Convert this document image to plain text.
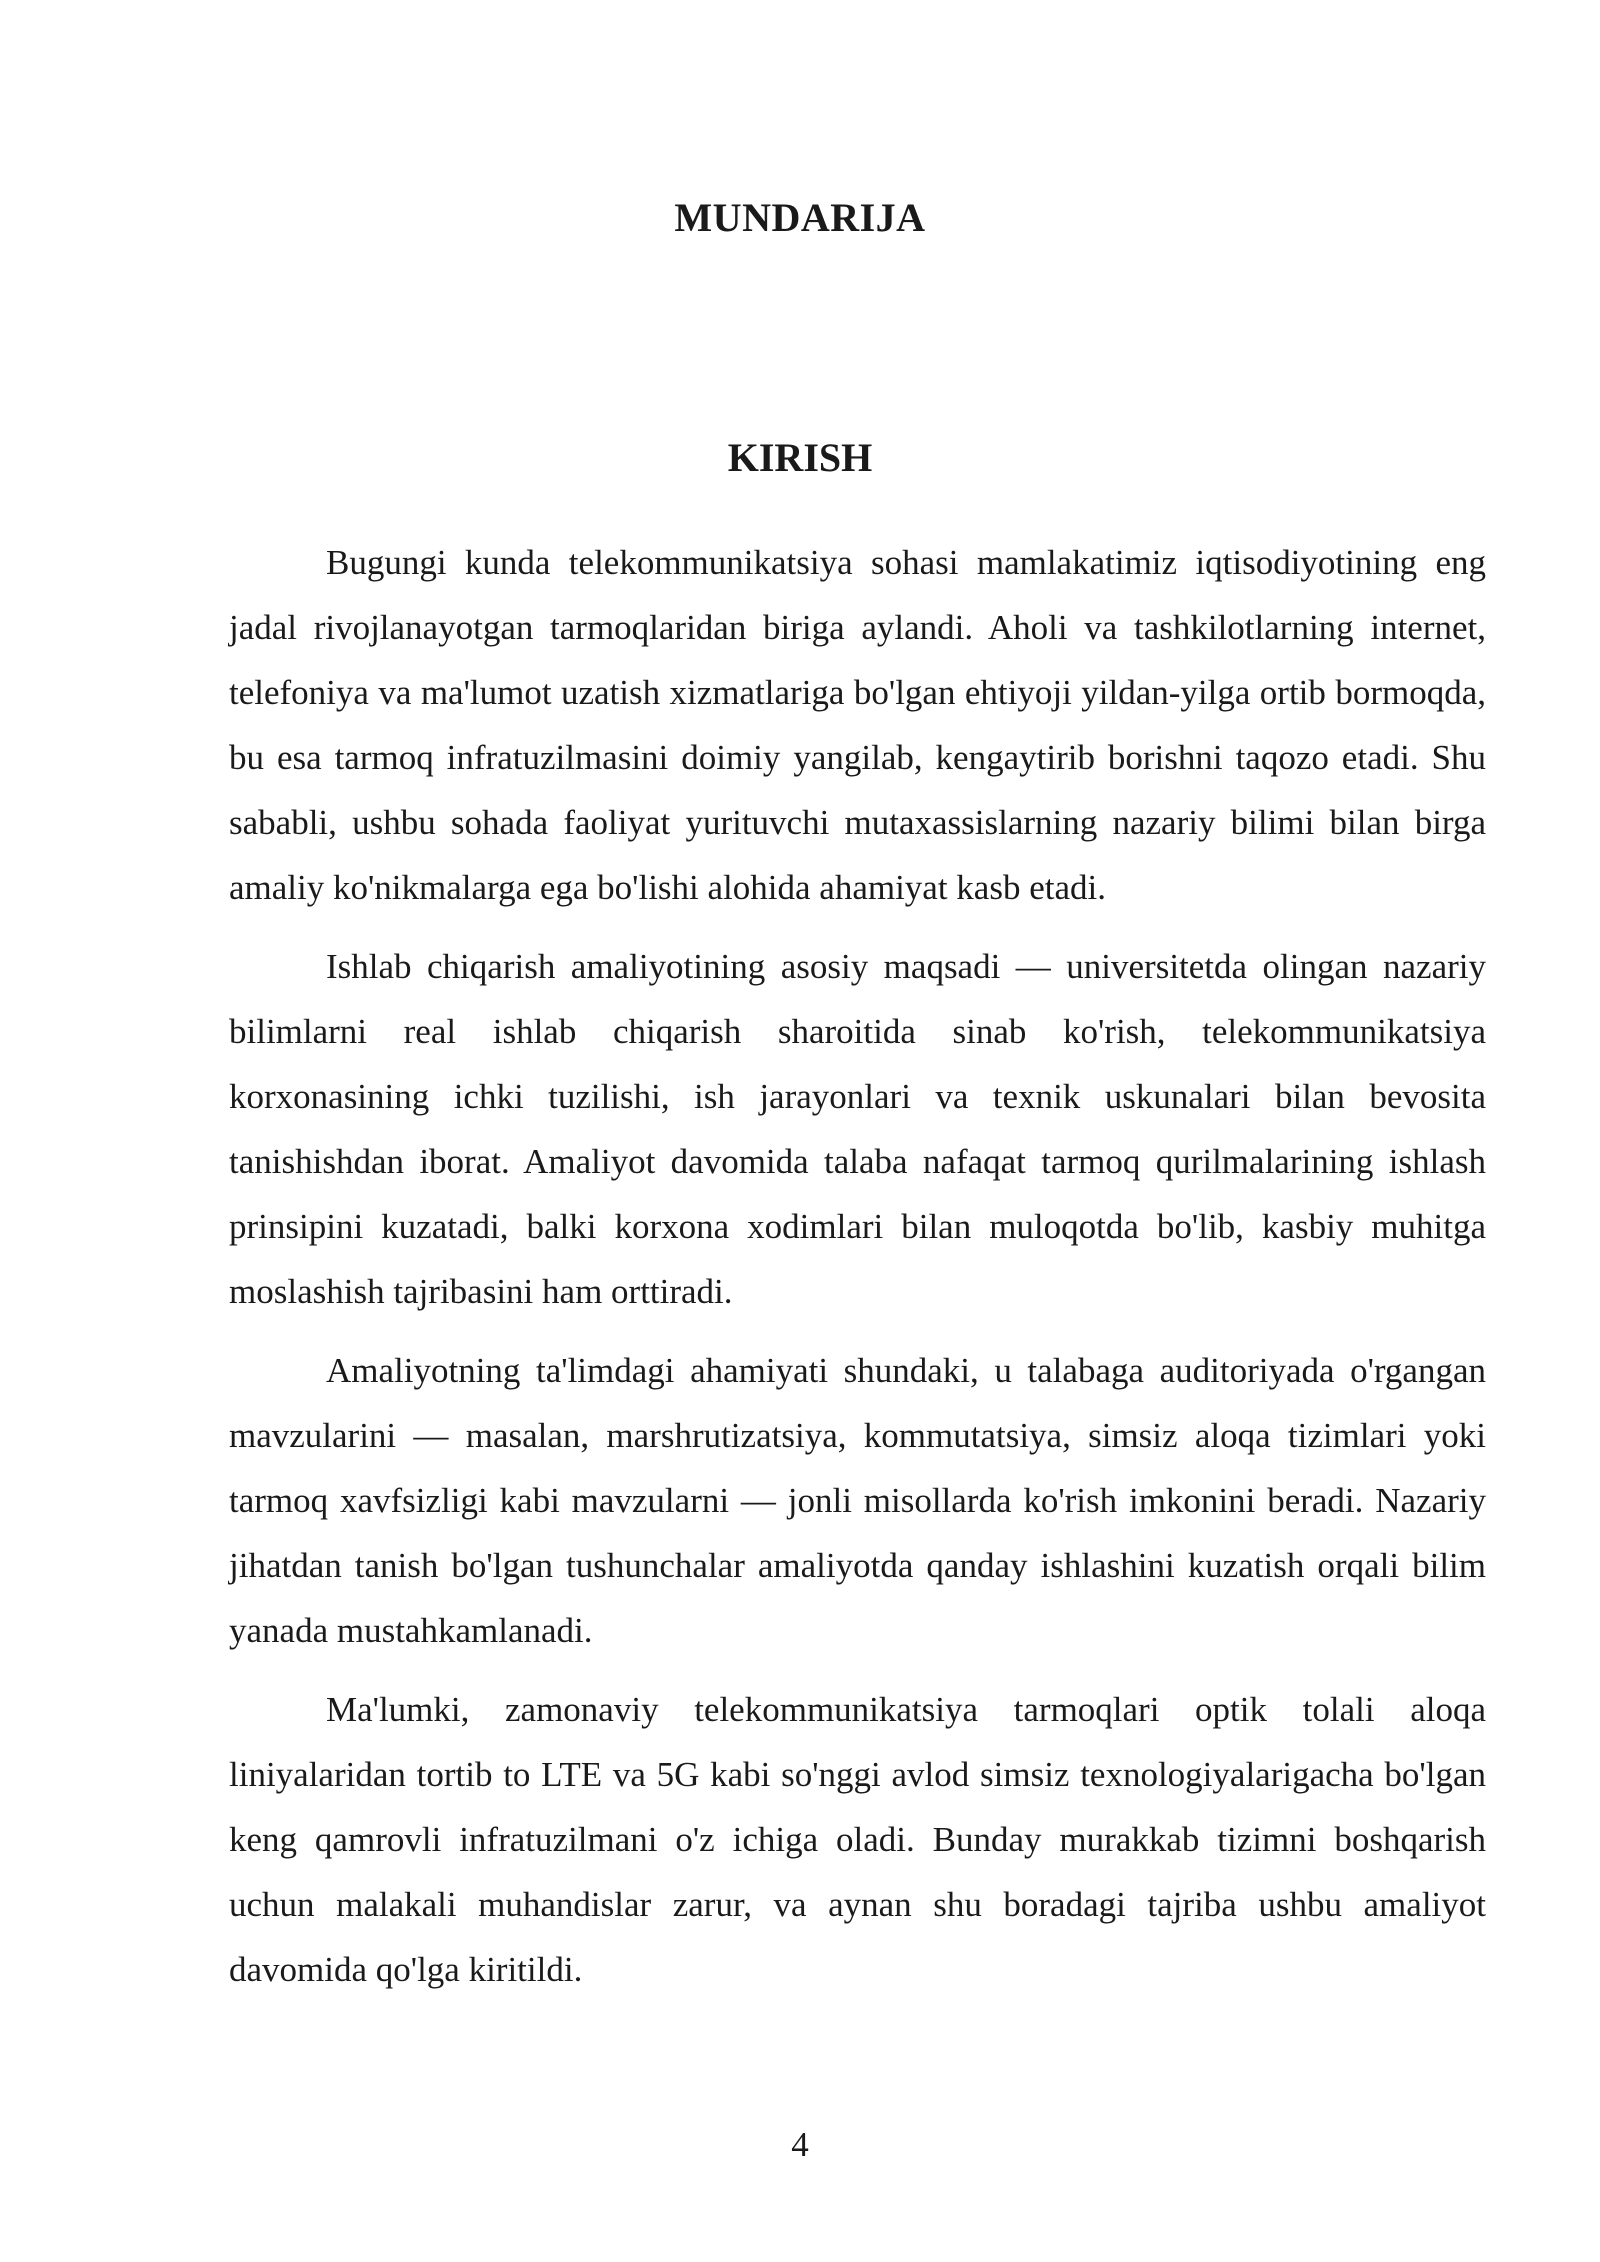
MUNDARIJA
KIRISH

Bugungi kunda telekommunikatsiya sohasi mamlakatimiz iqtisodiyotining eng jadal rivojlanayotgan tarmoqlaridan biriga aylandi. Aholi va tashkilotlarning internet, telefoniya va ma'lumot uzatish xizmatlariga bo'lgan ehtiyoji yildan-yilga ortib bormoqda, bu esa tarmoq infratuzilmasini doimiy yangilab, kengaytirib borishni taqozo etadi. Shu sababli, ushbu sohada faoliyat yurituvchi mutaxassislarning nazariy bilimi bilan birga amaliy ko'nikmalarga ega bo'lishi alohida ahamiyat kasb etadi.

Ishlab chiqarish amaliyotining asosiy maqsadi — universitetda olingan nazariy bilimlarni real ishlab chiqarish sharoitida sinab ko'rish, telekommunikatsiya korxonasining ichki tuzilishi, ish jarayonlari va texnik uskunalari bilan bevosita tanishishdan iborat. Amaliyot davomida talaba nafaqat tarmoq qurilmalarining ishlash prinsipini kuzatadi, balki korxona xodimlari bilan muloqotda bo'lib, kasbiy muhitga moslashish tajribasini ham orttiradi.

Amaliyotning ta'limdagi ahamiyati shundaki, u talabaga auditoriyada o'rgangan mavzularini — masalan, marshrutizatsiya, kommutatsiya, simsiz aloqa tizimlari yoki tarmoq xavfsizligi kabi mavzularni — jonli misollarda ko'rish imkonini beradi. Nazariy jihatdan tanish bo'lgan tushunchalar amaliyotda qanday ishlashini kuzatish orqali bilim yanada mustahkamlanadi.

Ma'lumki, zamonaviy telekommunikatsiya tarmoqlari optik tolali aloqa liniyalaridan tortib to LTE va 5G kabi so'nggi avlod simsiz texnologiyalarigacha bo'lgan keng qamrovli infratuzilmani o'z ichiga oladi. Bunday murakkab tizimni boshqarish uchun malakali muhandislar zarur, va aynan shu boradagi tajriba ushbu amaliyot davomida qo'lga kiritildi.

4
